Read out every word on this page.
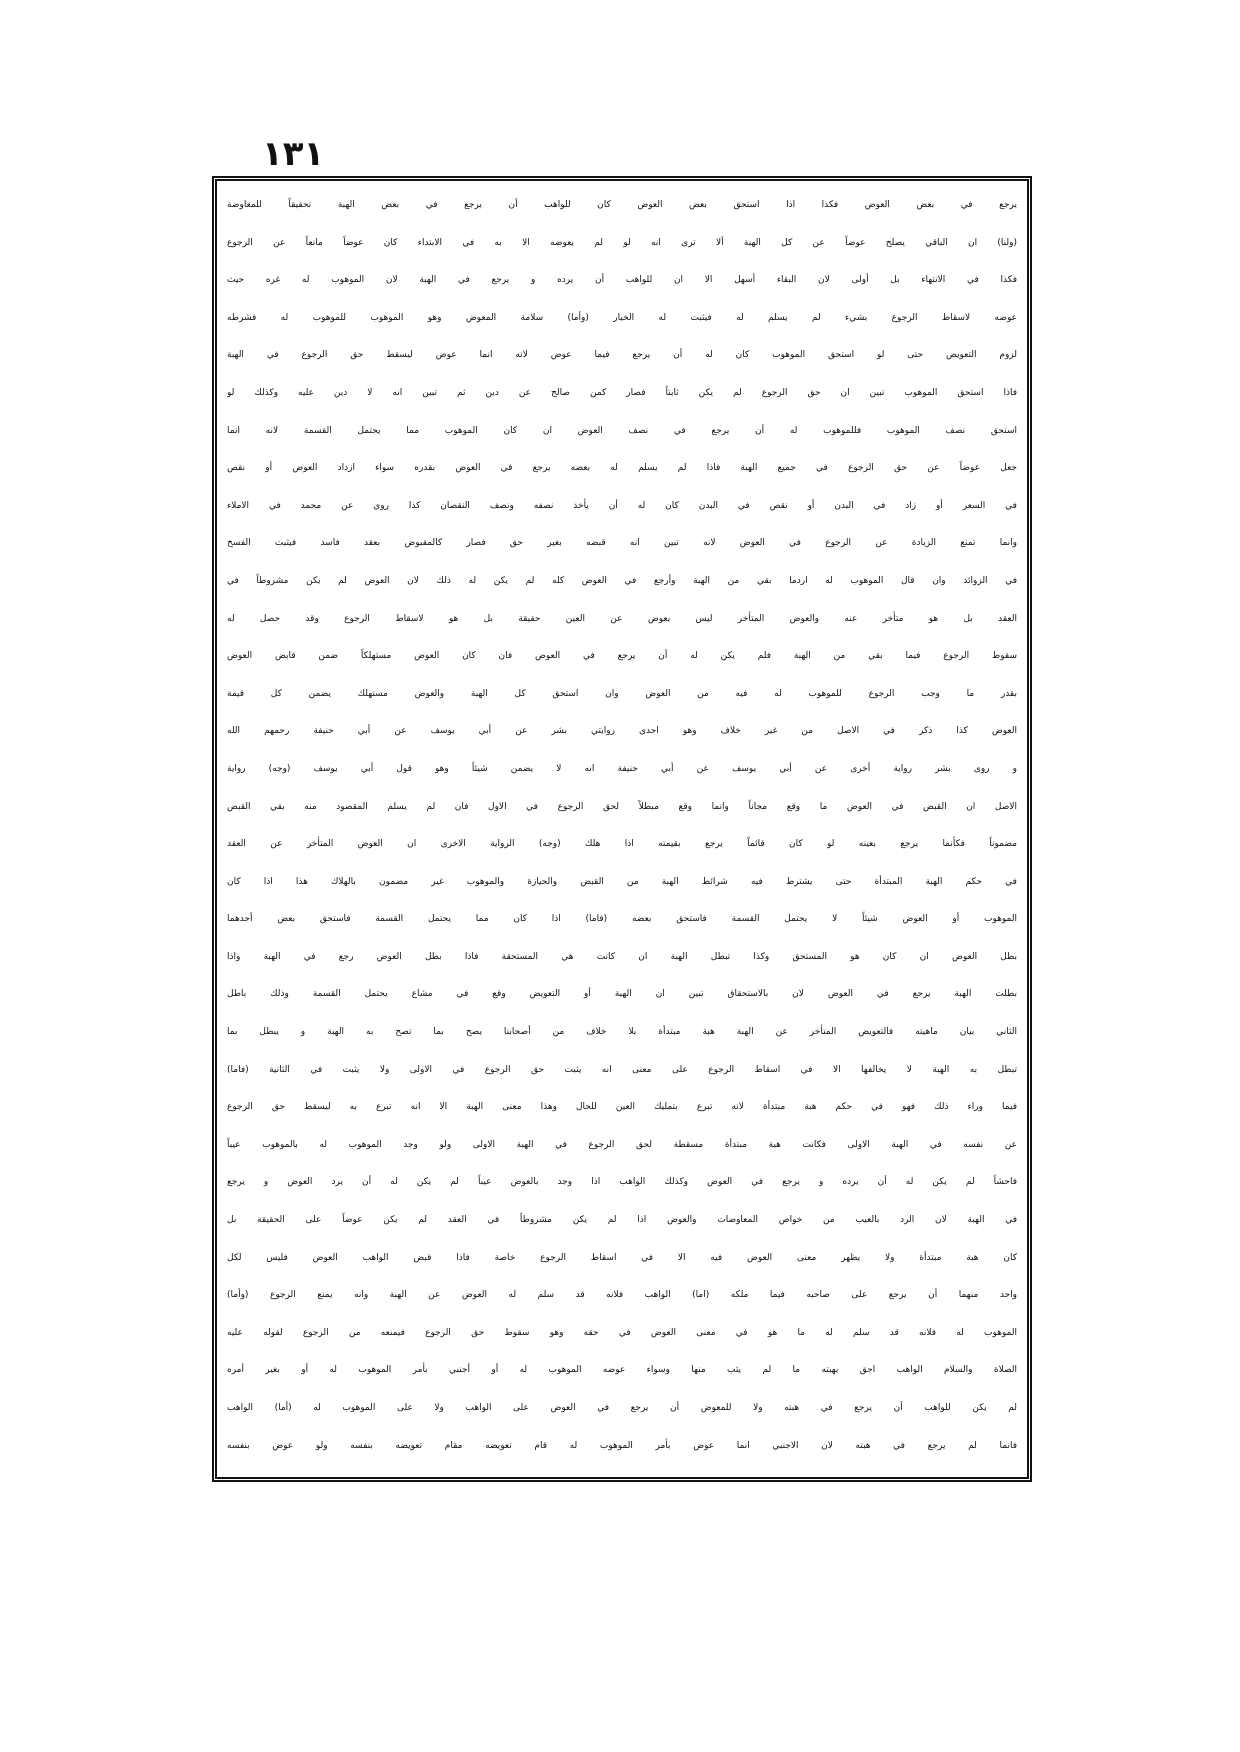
١٣١
يرجع في بعض العوض فكذا اذا استحق بعض العوض كان للواهب أن يرجع في بعض الهبة تحقيقاً للمعاوضة
(ولنا) ان الباقي يصلح عوضاً عن كل الهبة ألا ترى انه لو لم يعوضه الا به في الابتداء كان عوضاً مانعاً عن الرجوع
فكذا في الانتهاء بل أولى لان البقاء أسهل الا ان للواهب أن يرده و يرجع في الهبة لان الموهوب له غره حيث
عوضه لاسقاط الرجوع بشيء لم يسلم له فيثبت له الخيار (وأما) سلامة المعوض وهو الموهوب للموهوب له فشرطه
لزوم التعويض حتى لو استحق الموهوب كان له أن يرجع فيما عوض لانه انما عوض ليسقط حق الرجوع في الهبة
فاذا استحق الموهوب تبين ان حق الرجوع لم يكن ثابتاً فصار كمن صالح عن دين ثم تبين انه لا دين عليه وكذلك لو
استحق نصف الموهوب فللموهوب له أن يرجع في نصف العوض ان كان الموهوب مما يحتمل القسمة لانه انما
جعل عوضاً عن حق الرجوع في جميع الهبة فاذا لم يسلم له بعضه يرجع في العوض بقدره سواء ازداد العوض أو نقص
في السعر أو زاد في البدن أو نقص في البدن كان له أن يأخذ نصفه ونصف النقصان كذا روي عن محمد في الاملاء
وانما تمنع الزيادة عن الرجوع في العوض لانه تبين انه قبضه بغير حق فصار كالمقبوض بعقد فاسد فيثبت الفسخ
في الزوائد وان قال الموهوب له اردما بقي من الهبة وأرجع في العوض كله لم يكن له ذلك لان العوض لم يكن مشروطاً في
العقد بل هو متأخر عنه والعوض المتأخر ليس بعوض عن العين حقيقة بل هو لاسقاط الرجوع وقد حصل له
سقوط الرجوع فيما بقي من الهبة فلم يكن له أن يرجع في العوض فان كان العوض مستهلكاً ضمن قابض العوض
بقدر ما وجب الرجوع للموهوب له فيه من العوض وان استحق كل الهبة والعوض مستهلك يضمن كل قيمة
العوض كذا ذكر في الاصل من غير خلاف وهو احدى روايتي بشر عن أبي يوسف عن أبي حنيفة رحمهم الله
و روى بشر رواية أخرى عن أبي يوسف عن أبي حنيفة انه لا يضمن شيئاً وهو قول أبي يوسف (وجه) رواية
الاصل ان القبض في العوض ما وقع مجاناً وانما وقع مبطلاً لحق الرجوع في الاول فان لم يسلم المقصود منه بقي القبض
مضموناً فكأنما يرجع بعينه لو كان قائماً يرجع بقيمته اذا هلك (وجه) الرواية الاخرى ان العوض المتأخر عن العقد
في حكم الهبة المبتدأة حتى يشترط فيه شرائط الهبة من القبض والحيازة والموهوب غير مضمون بالهلاك هذا اذا كان
الموهوب أو العوض شيئاً لا يحتمل القسمة فاستحق بعضه (فاما) اذا كان مما يحتمل القسمة فاستحق بعض أحدهما
بطل العوض ان كان هو المستحق وكذا تبطل الهبة ان كانت هي المستحقة فاذا بطل العوض رجع في الهبة واذا
بطلت الهبة يرجع في العوض لان بالاستحقاق تبين ان الهبة أو التعويض وقع في مشاع يحتمل القسمة وذلك باطل
الثاني بيان ماهيته فالتعويض المتأخر عن الهبة هبة مبتدأة بلا خلاف من أصحابنا يصح بما تصح به الهبة و يبطل بما
تبطل به الهبة لا يخالفها الا في اسقاط الرجوع على معنى انه يثبت حق الرجوع في الاولى ولا يثبت في الثانية (فاما)
فيما وراء ذلك فهو في حكم هبة مبتدأة لانه تبرع بتمليك العين للحال وهذا معنى الهبة الا انه تبرع به ليسقط حق الرجوع
عن نفسه في الهبة الاولى فكانت هبة مبتدأة مسقطة لحق الرجوع في الهبة الاولى ولو وجد الموهوب له بالموهوب عيباً
فاحشاً لم يكن له أن يرده و يرجع في العوض وكذلك الواهب اذا وجد بالعوض عيباً لم يكن له أن يرد العوض و يرجع
في الهبة لان الرد بالعيب من خواص المعاوضات والعوض اذا لم يكن مشروطاً في العقد لم يكن عوضاً على الحقيقة بل
كان هبة مبتدأة ولا يظهر معنى العوض فيه الا في اسقاط الرجوع خاصة فاذا قبض الواهب العوض فليس لكل
واحد منهما أن يرجع على صاحبه فيما ملكه (اما) الواهب فلانه قد سلم له العوض عن الهبة وانه يمنع الرجوع (وأما)
الموهوب له فلانه قد سلم له ما هو في معنى العوض في حقه وهو سقوط حق الرجوع فيمنعه من الرجوع لقوله عليه
الصلاة والسلام الواهب احق بهبته ما لم يثب منها وسواء عوضه الموهوب له أو أجنبي بأمر الموهوب له أو بغير أمره
لم يكن للواهب أن يرجع في هبته ولا للمعوض أن يرجع في العوض على الواهب ولا على الموهوب له (أما) الواهب
فانما لم يرجع في هبته لان الاجنبي انما عوض بأمر الموهوب له قام تعويضه مقام تعويضه بنفسه ولو عوض بنفسه
